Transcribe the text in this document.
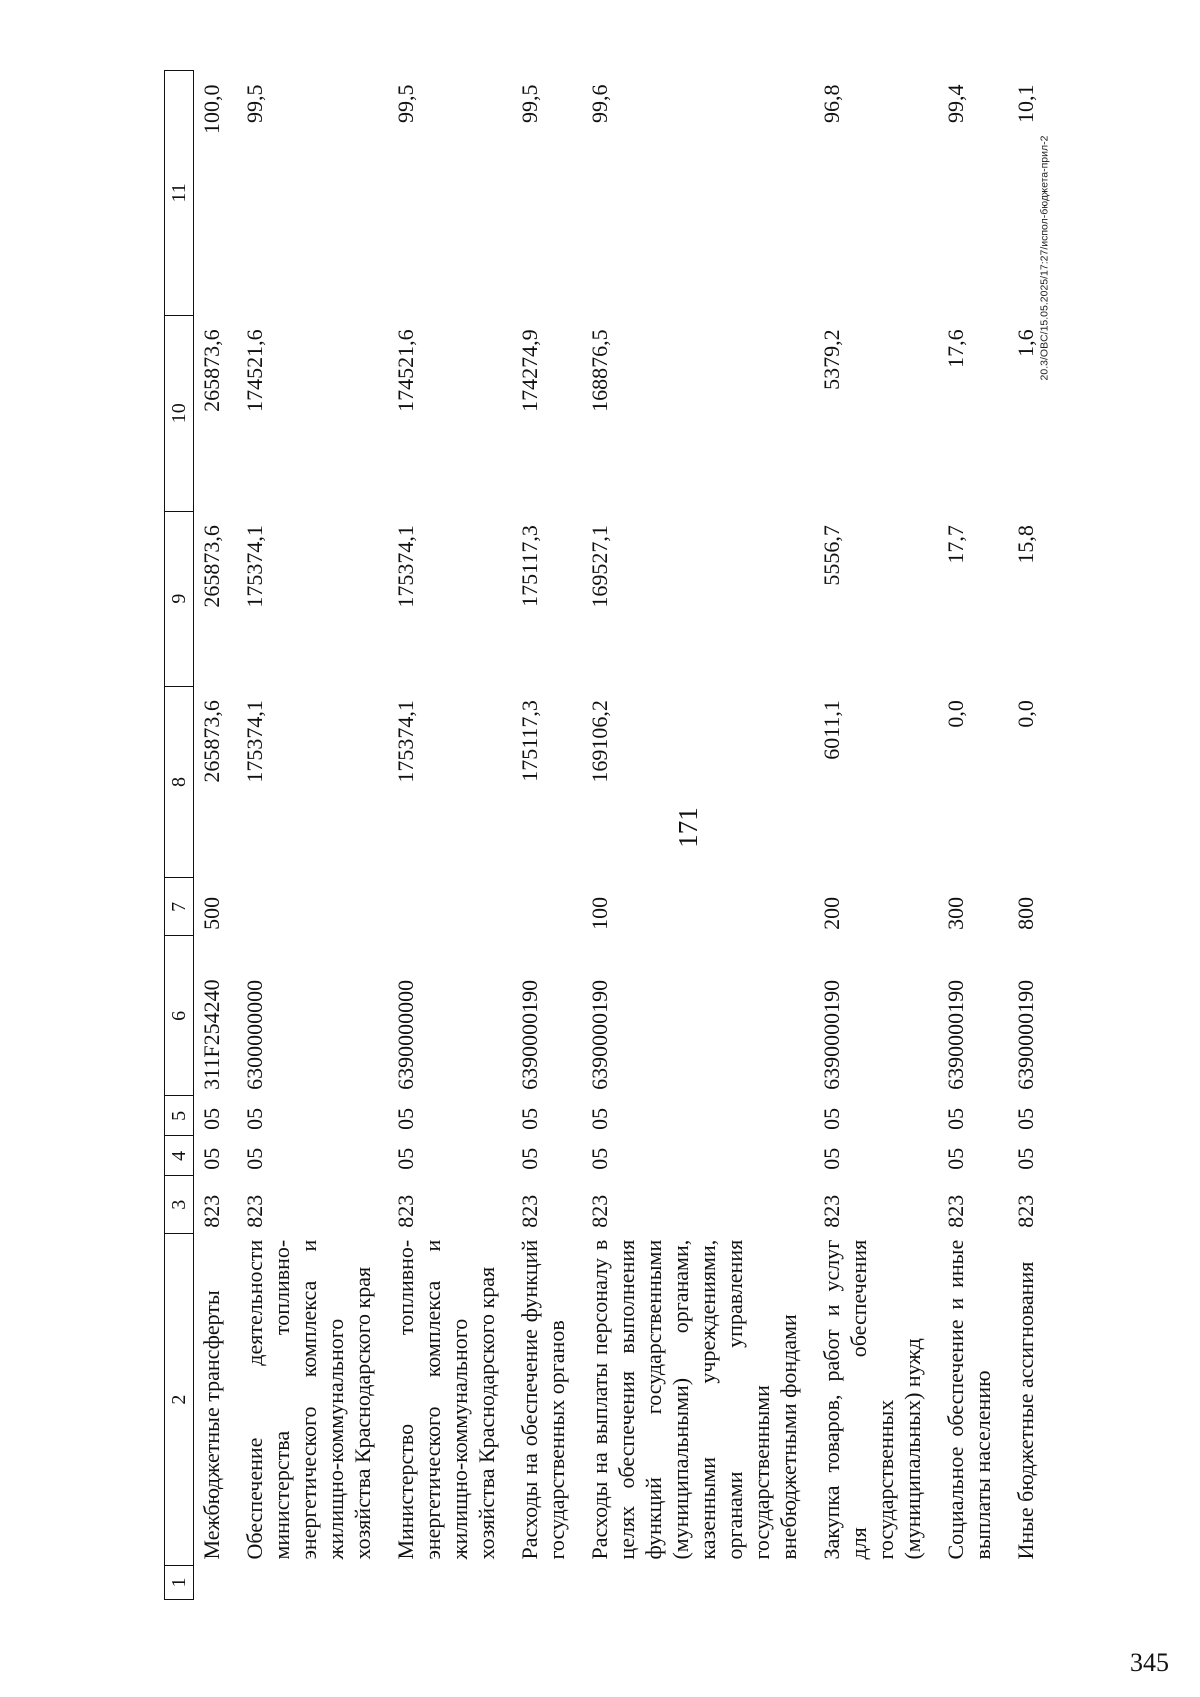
171
20.3/OBC/15.05.2025/17:27/испол-бюджета-прил-2
345
1	2	3	4	5	6	7	8	9	10	11
	Межбюджетные трансферты	823	05	05	311F254240	500	265873,6	265873,6	265873,6	100,0
	Обеспечение деятельности министерства топливно-энергетического комплекса и жилищно-коммунального хозяйства Краснодарского края	823	05	05	6300000000		175374,1	175374,1	174521,6	99,5
	Министерство топливно-энергетического комплекса и жилищно-коммунального хозяйства Краснодарского края	823	05	05	6390000000		175374,1	175374,1	174521,6	99,5
	Расходы на обеспечение функций государственных органов	823	05	05	6390000190		175117,3	175117,3	174274,9	99,5
	Расходы на выплаты персоналу в целях обеспечения выполнения функций государственными (муниципальными) органами, казенными учреждениями, органами управления государственными внебюджетными фондами	823	05	05	6390000190	100	169106,2	169527,1	168876,5	99,6
	Закупка товаров, работ и услуг для обеспечения государственных (муниципальных) нужд	823	05	05	6390000190	200	6011,1	5556,7	5379,2	96,8
	Социальное обеспечение и иные выплаты населению	823	05	05	6390000190	300	0,0	17,7	17,6	99,4
	Иные бюджетные ассигнования	823	05	05	6390000190	800	0,0	15,8	1,6	10,1
